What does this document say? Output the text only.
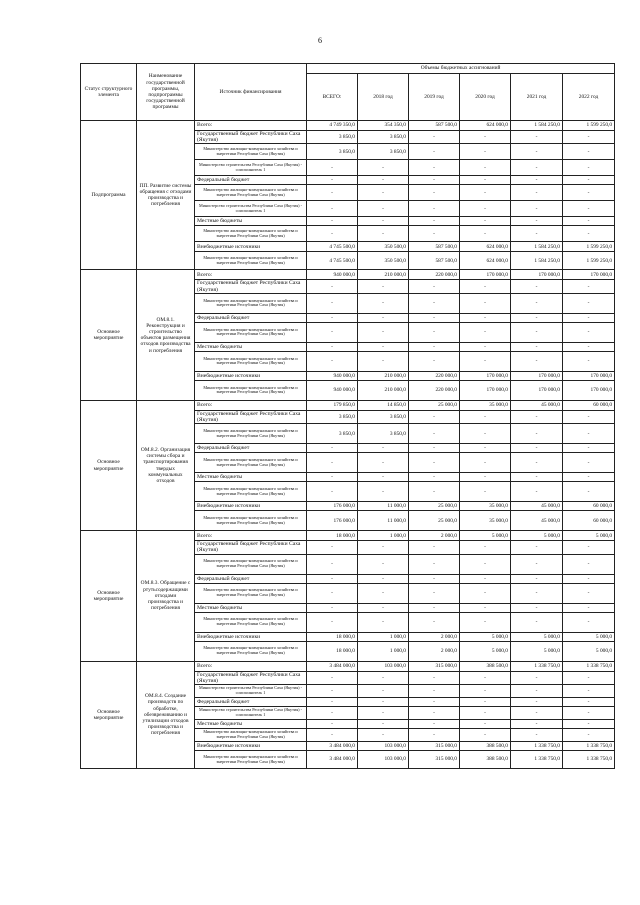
6
Статус структурного элемента	Наименование государственной программы, подпрограммы государственной программы	Источник финансирования	Объемы бюджетных ассигнований					
			ВСЕГО:	2018 год	2019 год	2020 год	2021 год	2022 год
Подпрограмма	ПП. Развитие системы обращения с отходами производства и потребления	Всего:	4 749 350,0	354 350,0	587 500,0	624 000,0	1 584 250,0	1 599 250,0
		Государственный бюджет Республики Саха (Якутия)	3 850,0	3 850,0	-	-	-	-
		Министерство жилищно-коммунального хозяйства и энергетики Республики Саха (Якутия)	3 850,0	3 850,0	-	-	-	-
		Министерство строительства Республики Саха (Якутия) - соисполнитель 1	-	-	-	-	-	-
		Федеральный бюджет	-	-	-	-	-	-
		Министерство жилищно-коммунального хозяйства и энергетики Республики Саха (Якутия)	-	-	-	-	-	-
		Министерство строительства Республики Саха (Якутия) - соисполнитель 1	-	-	-	-	-	-
		Местные бюджеты	-	-	-	-	-	-
		Министерство жилищно-коммунального хозяйства и энергетики Республики Саха (Якутия)	-	-	-	-	-	-
		Внебюджетные источники	4 745 500,0	350 500,0	587 500,0	624 000,0	1 584 250,0	1 599 250,0
		Министерство жилищно-коммунального хозяйства и энергетики Республики Саха (Якутия)	4 745 500,0	350 500,0	587 500,0	624 000,0	1 584 250,0	1 599 250,0
Основное мероприятие	ОМ.8.1. Реконструкция и строительство объектов размещения отходов производства и потребления	Всего:	940 000,0	210 000,0	220 000,0	170 000,0	170 000,0	170 000,0
		Государственный бюджет Республики Саха (Якутия)	-	-	-	-	-	-
		Министерство жилищно-коммунального хозяйства и энергетики Республики Саха (Якутия)	-	-	-	-	-	-
		Федеральный бюджет	-	-	-	-	-	-
		Министерство жилищно-коммунального хозяйства и энергетики Республики Саха (Якутия)	-	-	-	-	-	-
		Местные бюджеты	-	-	-	-	-	-
		Министерство жилищно-коммунального хозяйства и энергетики Республики Саха (Якутия)	-	-	-	-	-	-
		Внебюджетные источники	940 000,0	210 000,0	220 000,0	170 000,0	170 000,0	170 000,0
		Министерство жилищно-коммунального хозяйства и энергетики Республики Саха (Якутия)	940 000,0	210 000,0	220 000,0	170 000,0	170 000,0	170 000,0
Основное мероприятие	ОМ.8.2. Организация системы сбора и транспортирования твердых коммунальных отходов	Всего:	179 850,0	14 850,0	25 000,0	35 000,0	45 000,0	60 000,0
		Государственный бюджет Республики Саха (Якутия)	3 850,0	3 850,0	-	-	-	-
		Министерство жилищно-коммунального хозяйства и энергетики Республики Саха (Якутия)	3 850,0	3 850,0	-	-	-	-
		Федеральный бюджет	-	-	-	-	-	-
		Министерство жилищно-коммунального хозяйства и энергетики Республики Саха (Якутия)	-	-	-	-	-	-
		Местные бюджеты	-	-	-	-	-	-
		Министерство жилищно-коммунального хозяйства и энергетики Республики Саха (Якутия)	-	-	-	-	-	-
		Внебюджетные источники	176 000,0	11 000,0	25 000,0	35 000,0	45 000,0	60 000,0
		Министерство жилищно-коммунального хозяйства и энергетики Республики Саха (Якутия)	176 000,0	11 000,0	25 000,0	35 000,0	45 000,0	60 000,0
Основное мероприятие	ОМ.8.3. Обращение с ртутьсодержащими отходами производства и потребления	Всего:	18 000,0	1 000,0	2 000,0	5 000,0	5 000,0	5 000,0
		Государственный бюджет Республики Саха (Якутия)	-	-	-	-	-	-
		Министерство жилищно-коммунального хозяйства и энергетики Республики Саха (Якутия)	-	-	-	-	-	-
		Федеральный бюджет	-	-	-	-	-	-
		Министерство жилищно-коммунального хозяйства и энергетики Республики Саха (Якутия)	-	-	-	-	-	-
		Местные бюджеты	-	-	-	-	-	-
		Министерство жилищно-коммунального хозяйства и энергетики Республики Саха (Якутия)	-	-	-	-	-	-
		Внебюджетные источники	18 000,0	1 000,0	2 000,0	5 000,0	5 000,0	5 000,0
		Министерство жилищно-коммунального хозяйства и энергетики Республики Саха (Якутия)	18 000,0	1 000,0	2 000,0	5 000,0	5 000,0	5 000,0
Основное мероприятие	ОМ.8.4. Создание производств по обработке, обезвреживанию и утилизации отходов производства и потребления	Всего:	3 484 000,0	103 000,0	315 000,0	388 500,0	1 338 750,0	1 338 750,0
		Государственный бюджет Республики Саха (Якутия)	-	-	-	-	-	-
		Министерство строительства Республики Саха (Якутия) - соисполнитель 1	-	-	-	-	-	-
		Федеральный бюджет	-	-	-	-	-	-
		Министерство строительства Республики Саха (Якутия) - соисполнитель 1	-	-	-	-	-	-
		Местные бюджеты	-	-	-	-	-	-
		Министерство жилищно-коммунального хозяйства и энергетики Республики Саха (Якутия)	-	-	-	-	-	-
		Внебюджетные источники	3 484 000,0	103 000,0	315 000,0	388 500,0	1 338 750,0	1 338 750,0
		Министерство жилищно-коммунального хозяйства и энергетики Республики Саха (Якутия)	3 484 000,0	103 000,0	315 000,0	388 500,0	1 338 750,0	1 338 750,0
